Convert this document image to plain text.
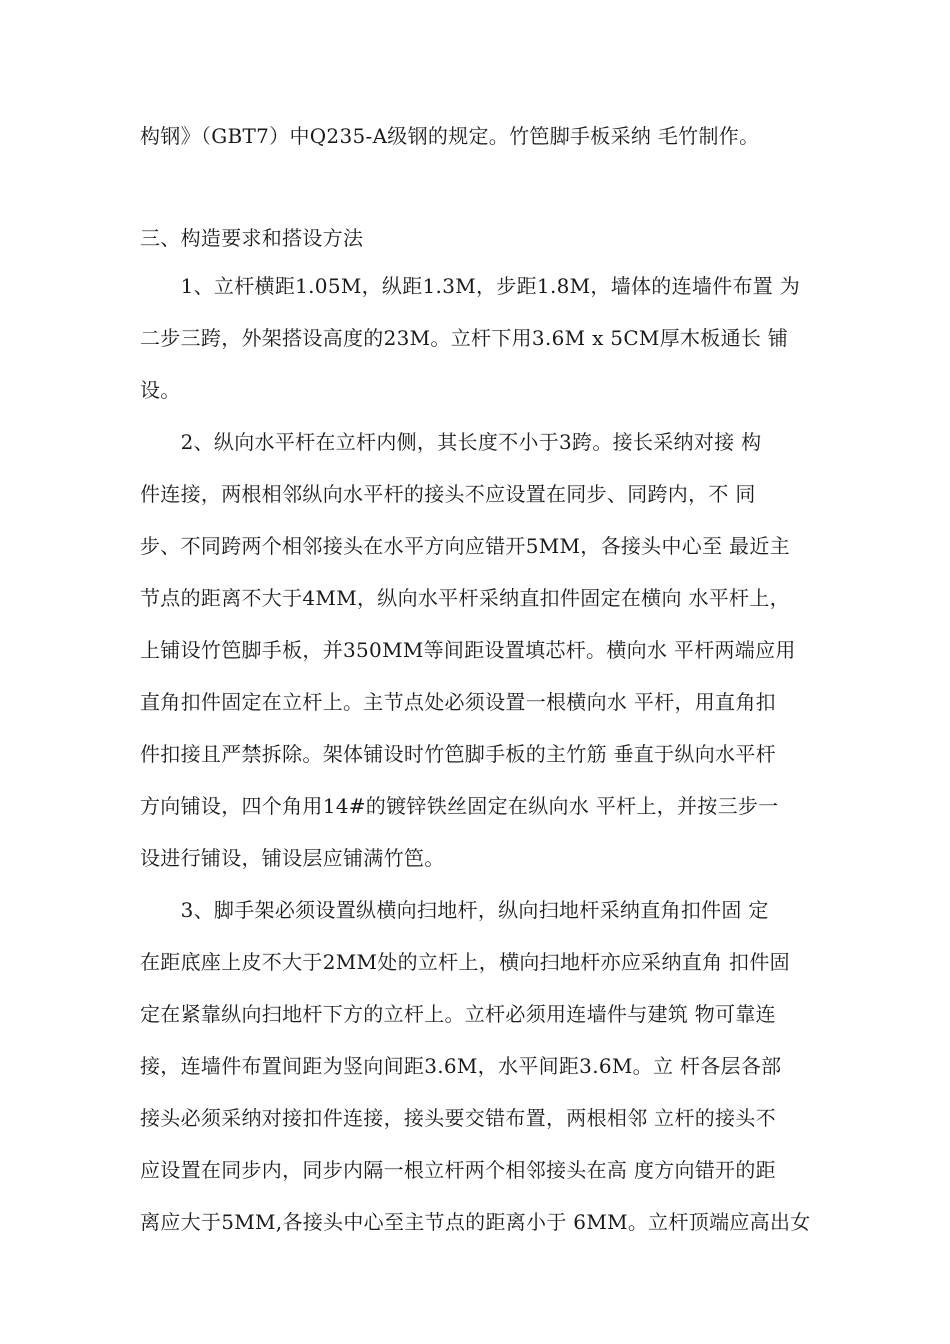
构钢》（GBT7）中Q235-A级钢的规定。竹笆脚手板采纳 毛竹制作。
三、构造要求和搭设方法
　　1、立杆横距1.05M，纵距1.3M，步距1.8M，墙体的连墙件布置 为
二步三跨，外架搭设高度的23M。立杆下用3.6M x 5CM厚木板通长 铺
设。
　　2、纵向水平杆在立杆内侧，其长度不小于3跨。接长采纳对接 构
件连接，两根相邻纵向水平杆的接头不应设置在同步、同跨内，不 同
步、不同跨两个相邻接头在水平方向应错开5MM，各接头中心至 最近主
节点的距离不大于4MM，纵向水平杆采纳直扣件固定在横向 水平杆上，
上铺设竹笆脚手板，并350MM等间距设置填芯杆。横向水 平杆两端应用
直角扣件固定在立杆上。主节点处必须设置一根横向水 平杆，用直角扣
件扣接且严禁拆除。架体铺设时竹笆脚手板的主竹筋 垂直于纵向水平杆
方向铺设，四个角用14#的镀锌铁丝固定在纵向水 平杆上，并按三步一
设进行铺设，铺设层应铺满竹笆。
　　3、脚手架必须设置纵横向扫地杆，纵向扫地杆采纳直角扣件固 定
在距底座上皮不大于2MM处的立杆上，横向扫地杆亦应采纳直角 扣件固
定在紧靠纵向扫地杆下方的立杆上。立杆必须用连墙件与建筑 物可靠连
接，连墙件布置间距为竖向间距3.6M，水平间距3.6M。立 杆各层各部
接头必须采纳对接扣件连接，接头要交错布置，两根相邻 立杆的接头不
应设置在同步内，同步内隔一根立杆两个相邻接头在高 度方向错开的距
离应大于5MM,各接头中心至主节点的距离小于 6MM。立杆顶端应高出女
